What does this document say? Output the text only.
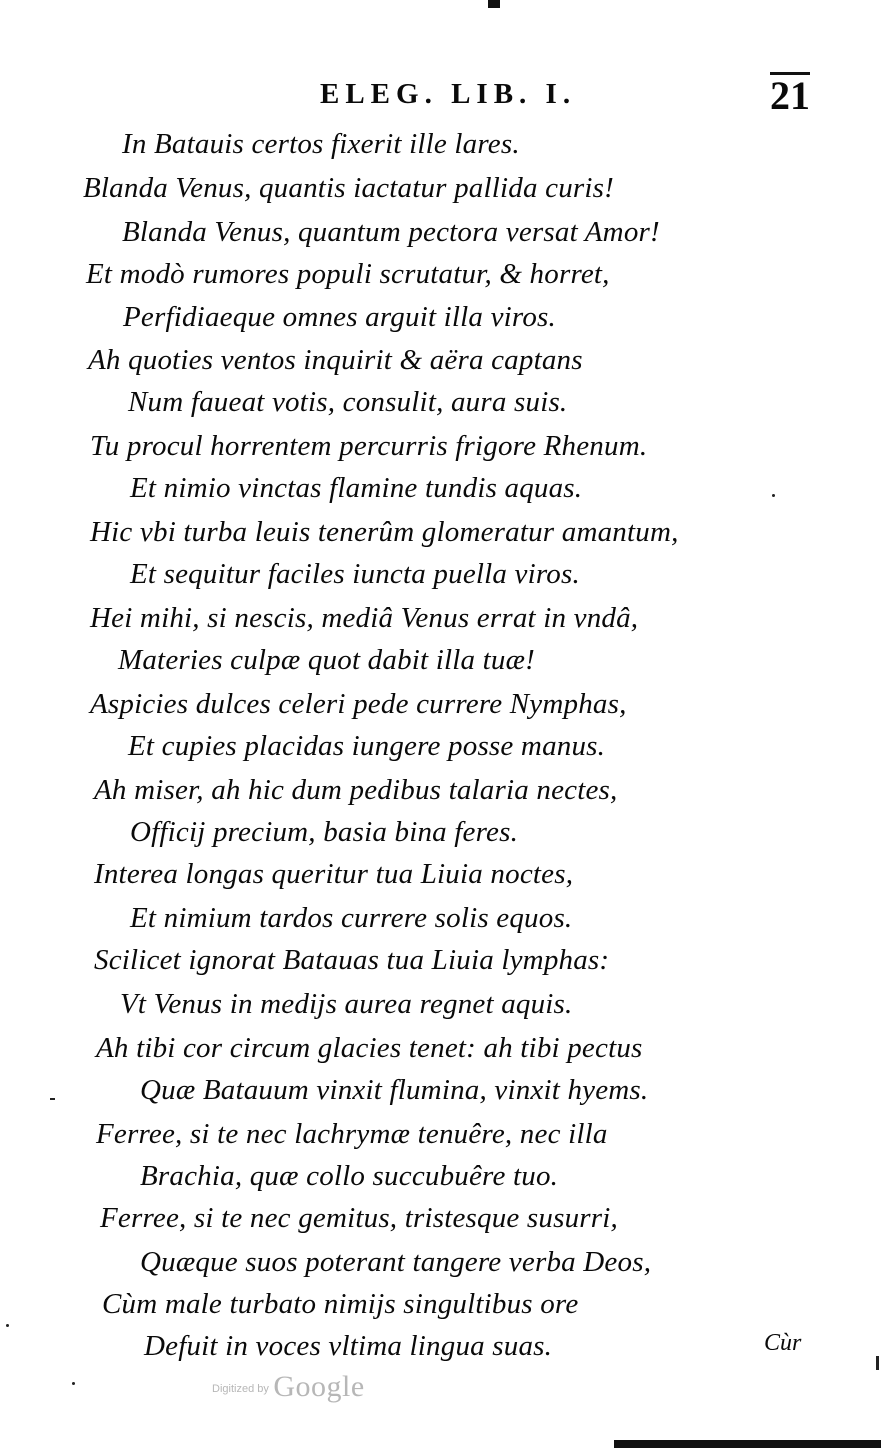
ELEG. LIB. I.	21
In Batauis certos fixerit ille lares.
Blanda Venus, quantis iactatur pallida curis!
Blanda Venus, quantum pectora versat Amor!
Et modò rumores populi scrutatur, & horret,
Perfidiaeque omnes arguit illa viros.
Ah quoties ventos inquirit & aëra captans
Num faueat votis, consulit, aura suis.
Tu procul horrentem percurris frigore Rhenum.
Et nimio vinctas flamine tundis aquas.
Hic vbi turba leuis tenerûm glomeratur amantum,
Et sequitur faciles iuncta puella viros.
Hei mihi, si nescis, mediâ Venus errat in vndâ,
Materies culpæ quot dabit illa tuæ!
Aspicies dulces celeri pede currere Nymphas,
Et cupies placidas iungere posse manus.
Ah miser, ah hic dum pedibus talaria nectes,
Officij precium, basia bina feres.
Interea longas queritur tua Liuia noctes,
Et nimium tardos currere solis equos.
Scilicet ignorat Batauas tua Liuia lymphas:
Vt Venus in medijs aurea regnet aquis.
Ah tibi cor circum glacies tenet: ah tibi pectus
Quæ Batauum vinxit flumina, vinxit hyems.
Ferree, si te nec lachrymæ tenuêre, nec illa
Brachia, quæ collo succubuêre tuo.
Ferree, si te nec gemitus, tristesque susurri,
Quæque suos poterant tangere verba Deos,
Cùm male turbato nimijs singultibus ore
Defuit in voces vltima lingua suas.	Cùr
$^{Digitized by}$ Google
